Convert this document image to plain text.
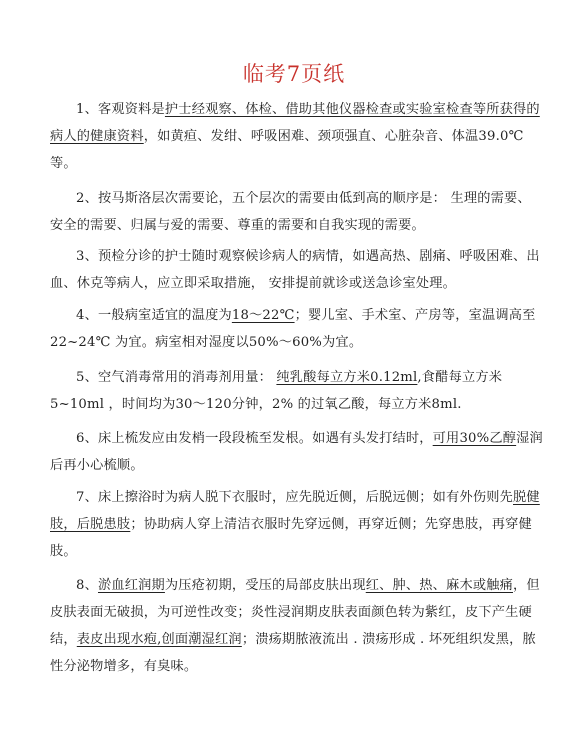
临考7页纸
1、客观资料是护士经观察、体检、借助其他仪器检查或实验室检查等所获得的病人的健康资料，如黄疸、发绀、呼吸困难、颈项强直、心脏杂音、体温39.0℃等。
2、按马斯洛层次需要论，五个层次的需要由低到高的顺序是： 生理的需要、安全的需要、归属与爱的需要、尊重的需要和自我实现的需要。
3、预检分诊的护士随时观察候诊病人的病情，如遇高热、剧痛、呼吸困难、出血、休克等病人，应立即采取措施， 安排提前就诊或送急诊室处理。
4、一般病室适宜的温度为18～22℃；婴儿室、手术室、产房等，室温调高至22~24℃ 为宜。病室相对湿度以50%～60%为宜。
5、空气消毒常用的消毒剂用量： 纯乳酸每立方米0.12ml,食醋每立方米5~10ml ，时间均为30～120分钟，2% 的过氧乙酸，每立方米8ml.
6、床上梳发应由发梢一段段梳至发根。如遇有头发打结时，可用30%乙醇湿润后再小心梳顺。
7、床上擦浴时为病人脱下衣服时，应先脱近侧，后脱远侧；如有外伤则先脱健肢，后脱患肢；协助病人穿上清洁衣服时先穿远侧，再穿近侧；先穿患肢，再穿健肢。
8、淤血红润期为压疮初期，受压的局部皮肤出现红、肿、热、麻木或触痛，但皮肤表面无破损，为可逆性改变；炎性浸润期皮肤表面颜色转为紫红，皮下产生硬结，表皮出现水疱,创面潮湿红润；溃疡期脓液流出 . 溃疡形成 . 坏死组织发黑，脓性分泌物增多，有臭味。
